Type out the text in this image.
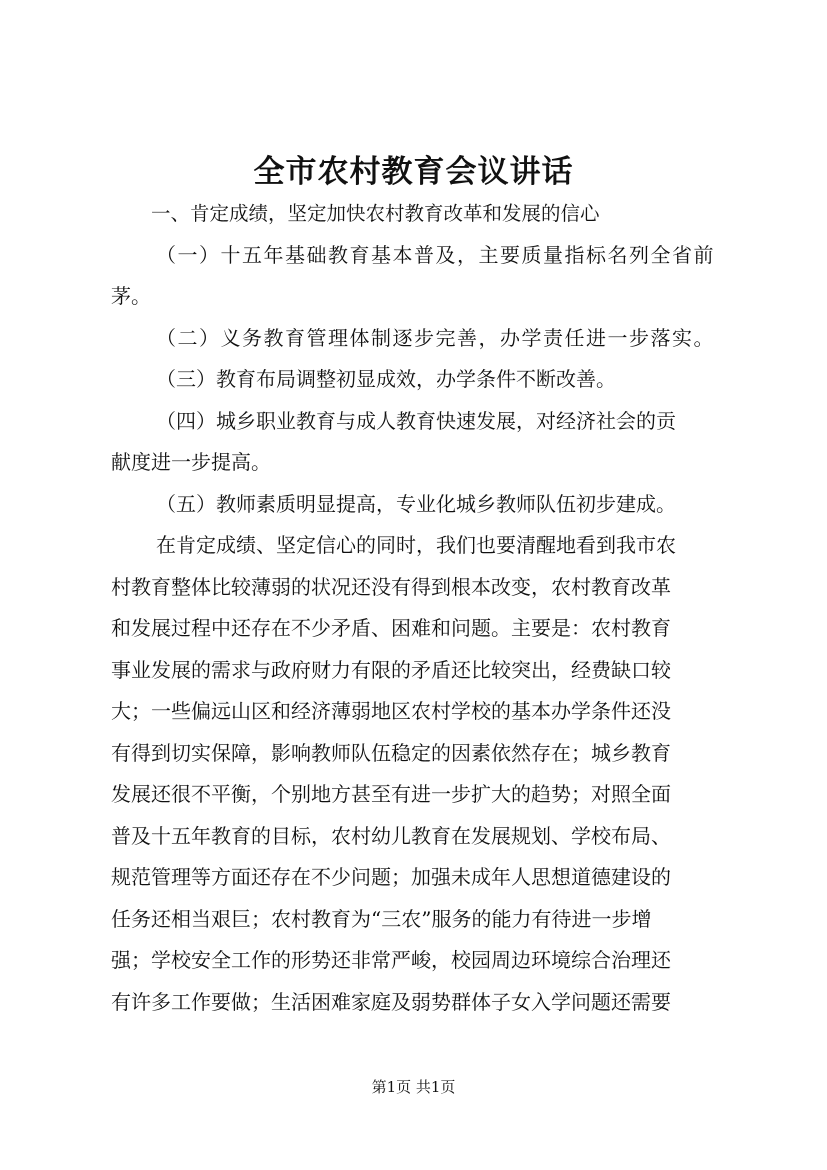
全市农村教育会议讲话
一、肯定成绩，坚定加快农村教育改革和发展的信心
（一）十五年基础教育基本普及，主要质量指标名列全省前
茅。
（二）义务教育管理体制逐步完善，办学责任进一步落实。
（三）教育布局调整初显成效，办学条件不断改善。
（四）城乡职业教育与成人教育快速发展，对经济社会的贡
献度进一步提高。
（五）教师素质明显提高，专业化城乡教师队伍初步建成。
在肯定成绩、坚定信心的同时，我们也要清醒地看到我市农
村教育整体比较薄弱的状况还没有得到根本改变，农村教育改革
和发展过程中还存在不少矛盾、困难和问题。主要是：农村教育
事业发展的需求与政府财力有限的矛盾还比较突出，经费缺口较
大；一些偏远山区和经济薄弱地区农村学校的基本办学条件还没
有得到切实保障，影响教师队伍稳定的因素依然存在；城乡教育
发展还很不平衡，个别地方甚至有进一步扩大的趋势；对照全面
普及十五年教育的目标，农村幼儿教育在发展规划、学校布局、
规范管理等方面还存在不少问题；加强未成年人思想道德建设的
任务还相当艰巨；农村教育为“三农”服务的能力有待进一步增
强；学校安全工作的形势还非常严峻，校园周边环境综合治理还
有许多工作要做；生活困难家庭及弱势群体子女入学问题还需要
第1页 共1页
